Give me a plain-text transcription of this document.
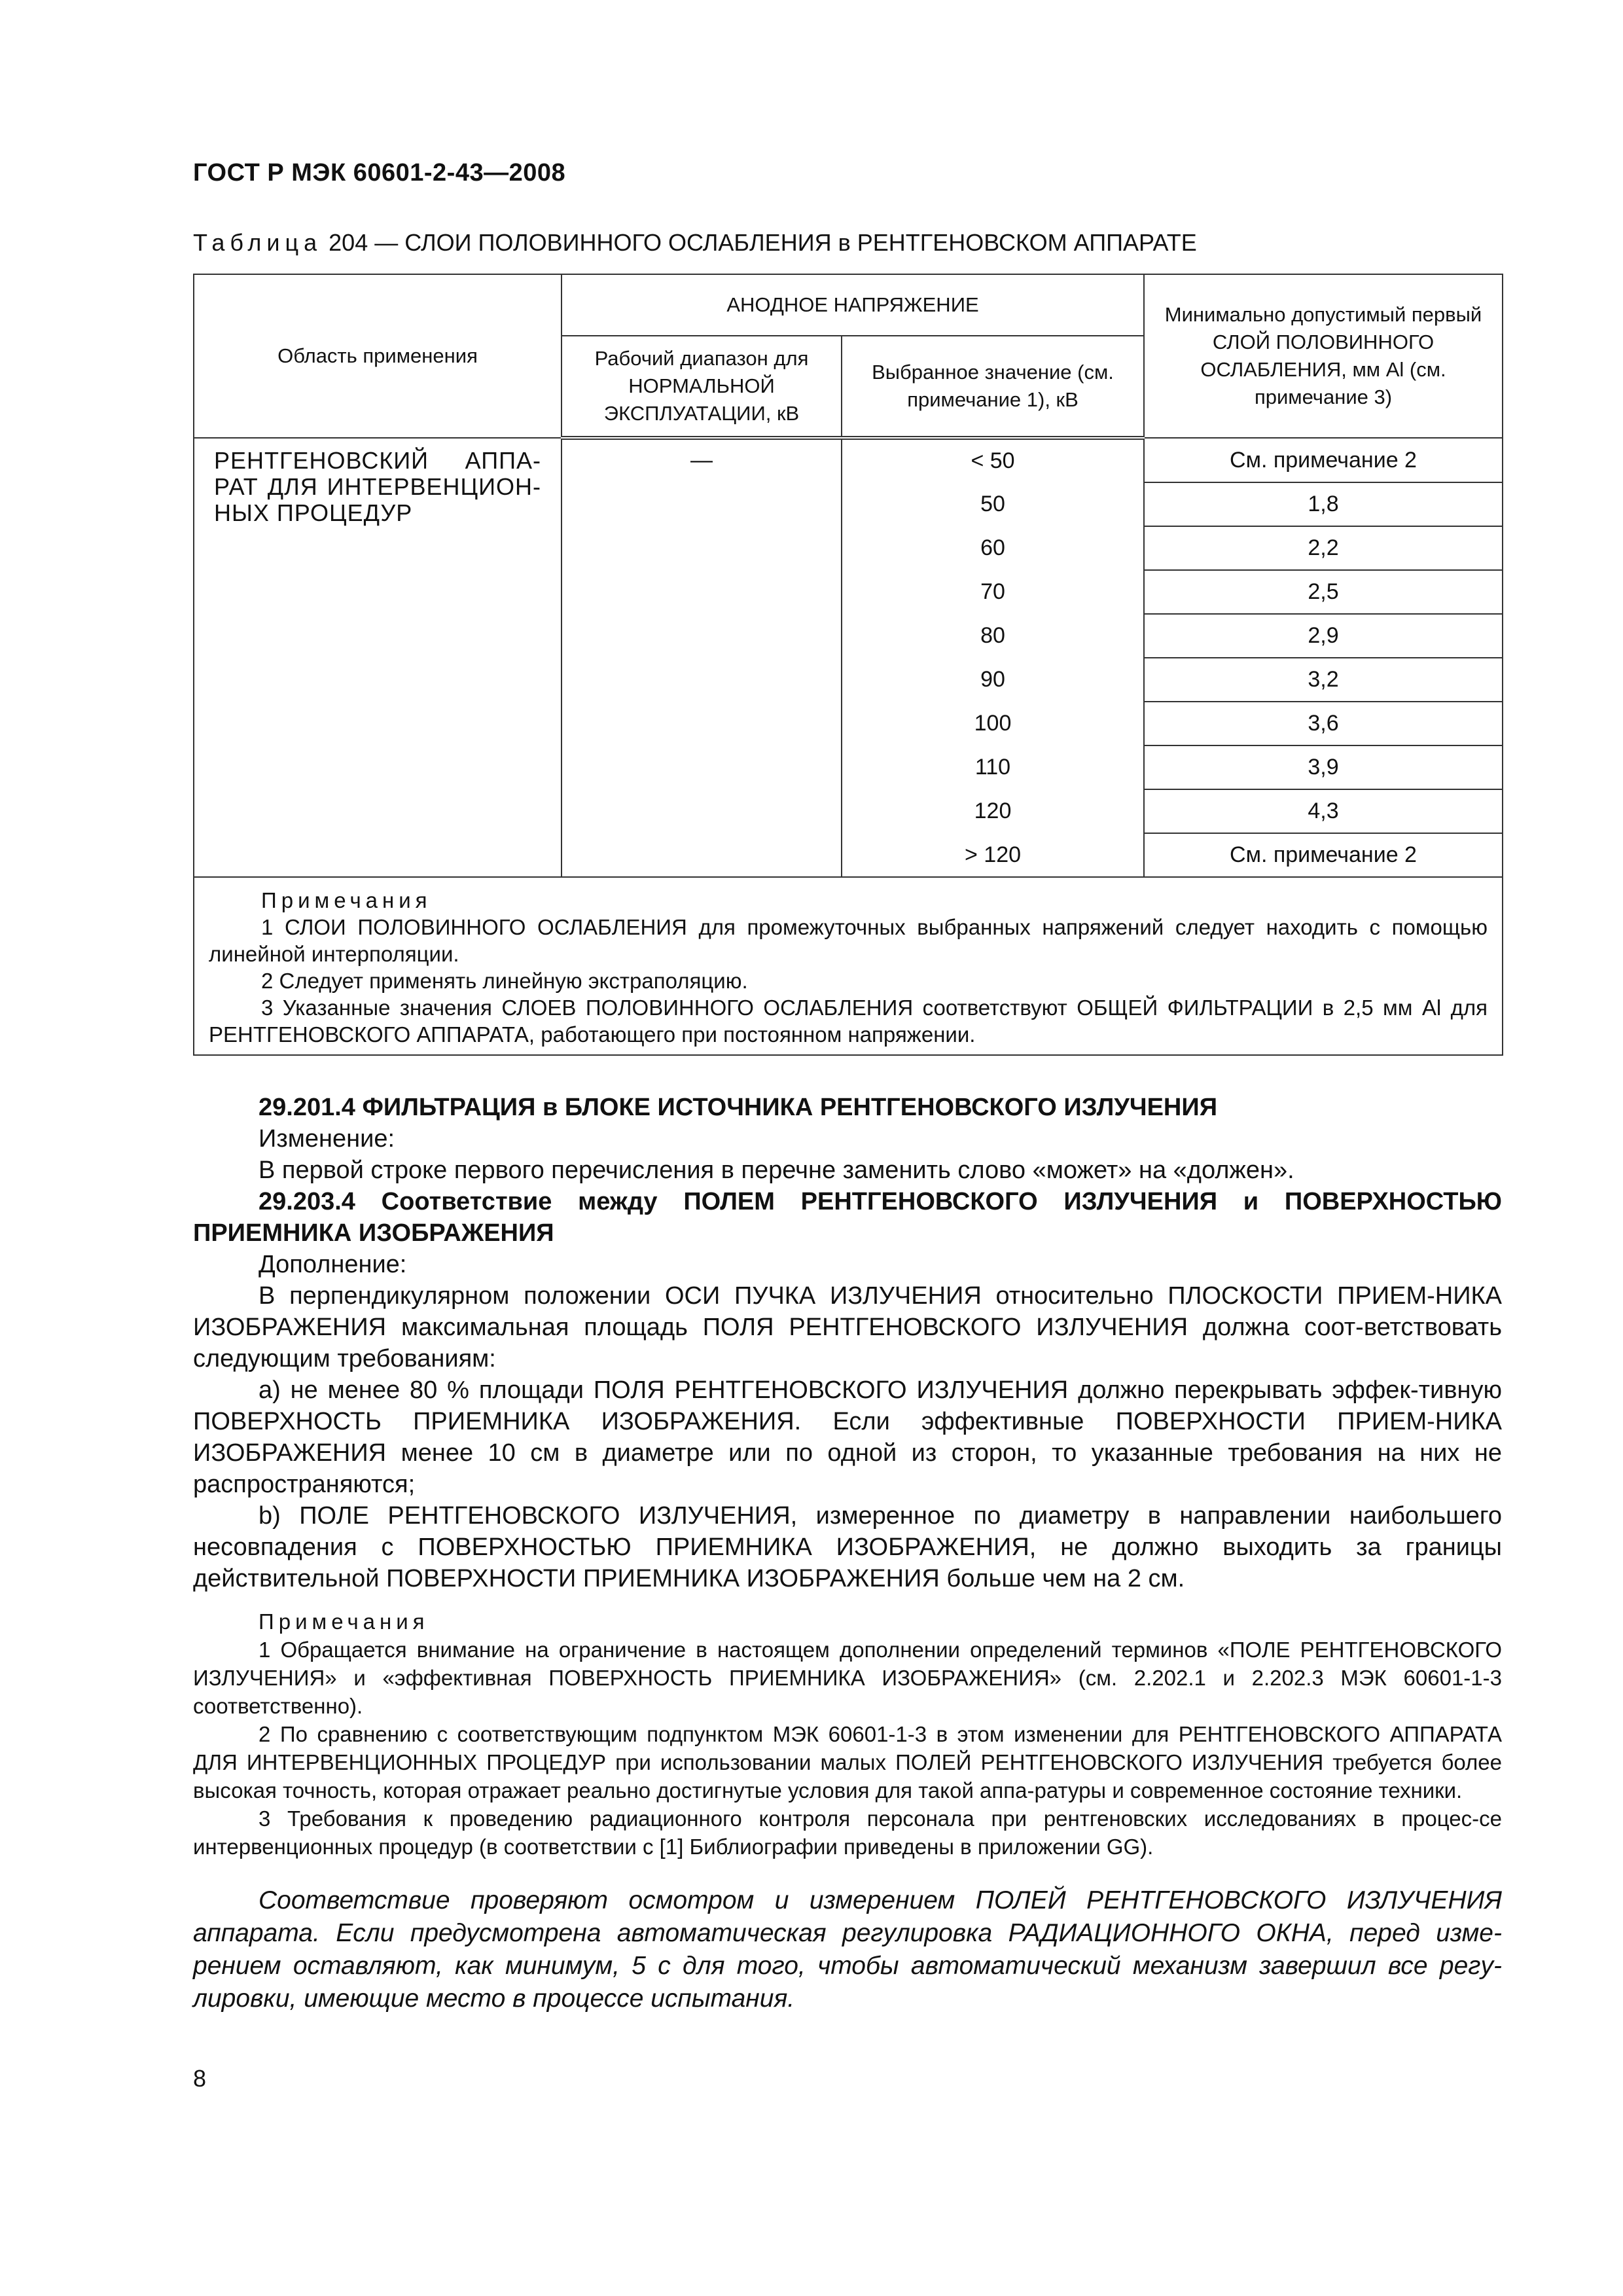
ГОСТ Р МЭК 60601-2-43—2008
Таблица 204 — СЛОИ ПОЛОВИННОГО ОСЛАБЛЕНИЯ в РЕНТГЕНОВСКОМ АППАРАТЕ
Область применения	АНОДНОЕ НАПРЯЖЕНИЕ		Минимально допустимый первый СЛОЙ ПОЛОВИННОГО ОСЛАБЛЕНИЯ, мм Al (см. примечание 3)
	Рабочий диапазон для НОРМАЛЬНОЙ ЭКСПЛУАТАЦИИ, кВ	Выбранное значение (см. примечание 1), кВ	
РЕНТГЕНОВСКИЙ АППА-РАТ ДЛЯ ИНТЕРВЕНЦИОН-НЫХ ПРОЦЕДУР	—	< 50	См. примечание 2
		50	1,8
		60	2,2
		70	2,5
		80	2,9
		90	3,2
		100	3,6
		110	3,9
		120	4,3
		> 120	См. примечание 2

Примечания
1 СЛОИ ПОЛОВИННОГО ОСЛАБЛЕНИЯ для промежуточных выбранных напряжений следует находить с помощью линейной интерполяции.
2 Следует применять линейную экстраполяцию.
3 Указанные значения СЛОЕВ ПОЛОВИННОГО ОСЛАБЛЕНИЯ соответствуют ОБЩЕЙ ФИЛЬТРАЦИИ в 2,5 мм Al для РЕНТГЕНОВСКОГО АППАРАТА, работающего при постоянном напряжении.			

29.201.4 ФИЛЬТРАЦИЯ в БЛОКЕ ИСТОЧНИКА РЕНТГЕНОВСКОГО ИЗЛУЧЕНИЯ

Изменение:

В первой строке первого перечисления в перечне заменить слово «может» на «должен».

29.203.4 Соответствие между ПОЛЕМ РЕНТГЕНОВСКОГО ИЗЛУЧЕНИЯ и ПОВЕРХНОСТЬЮ ПРИЕМНИКА ИЗОБРАЖЕНИЯ

Дополнение:

В перпендикулярном положении ОСИ ПУЧКА ИЗЛУЧЕНИЯ относительно ПЛОСКОСТИ ПРИЕМ-НИКА ИЗОБРАЖЕНИЯ максимальная площадь ПОЛЯ РЕНТГЕНОВСКОГО ИЗЛУЧЕНИЯ должна соот-ветствовать следующим требованиям:

a) не менее 80 % площади ПОЛЯ РЕНТГЕНОВСКОГО ИЗЛУЧЕНИЯ должно перекрывать эффек-тивную ПОВЕРХНОСТЬ ПРИЕМНИКА ИЗОБРАЖЕНИЯ. Если эффективные ПОВЕРХНОСТИ ПРИЕМ-НИКА ИЗОБРАЖЕНИЯ менее 10 см в диаметре или по одной из сторон, то указанные требования на них не распространяются;

b) ПОЛЕ РЕНТГЕНОВСКОГО ИЗЛУЧЕНИЯ, измеренное по диаметру в направлении наибольшего несовпадения с ПОВЕРХНОСТЬЮ ПРИЕМНИКА ИЗОБРАЖЕНИЯ, не должно выходить за границы действительной ПОВЕРХНОСТИ ПРИЕМНИКА ИЗОБРАЖЕНИЯ больше чем на 2 см.

Примечания

1 Обращается внимание на ограничение в настоящем дополнении определений терминов «ПОЛЕ РЕНТГЕНОВСКОГО ИЗЛУЧЕНИЯ» и «эффективная ПОВЕРХНОСТЬ ПРИЕМНИКА ИЗОБРАЖЕНИЯ» (см. 2.202.1 и 2.202.3 МЭК 60601-1-3 соответственно).

2 По сравнению с соответствующим подпунктом МЭК 60601-1-3 в этом изменении для РЕНТГЕНОВСКОГО АППАРАТА ДЛЯ ИНТЕРВЕНЦИОННЫХ ПРОЦЕДУР при использовании малых ПОЛЕЙ РЕНТГЕНОВСКОГО ИЗЛУЧЕНИЯ требуется более высокая точность, которая отражает реально достигнутые условия для такой аппа-ратуры и современное состояние техники.

3 Требования к проведению радиационного контроля персонала при рентгеновских исследованиях в процес-се интервенционных процедур (в соответствии с [1] Библиографии приведены в приложении GG).

Соответствие проверяют осмотром и измерением ПОЛЕЙ РЕНТГЕНОВСКОГО ИЗЛУЧЕНИЯ аппарата. Если предусмотрена автоматическая регулировка РАДИАЦИОННОГО ОКНА, перед изме-рением оставляют, как минимум, 5 с для того, чтобы автоматический механизм завершил все регу-лировки, имеющие место в процессе испытания.

8
